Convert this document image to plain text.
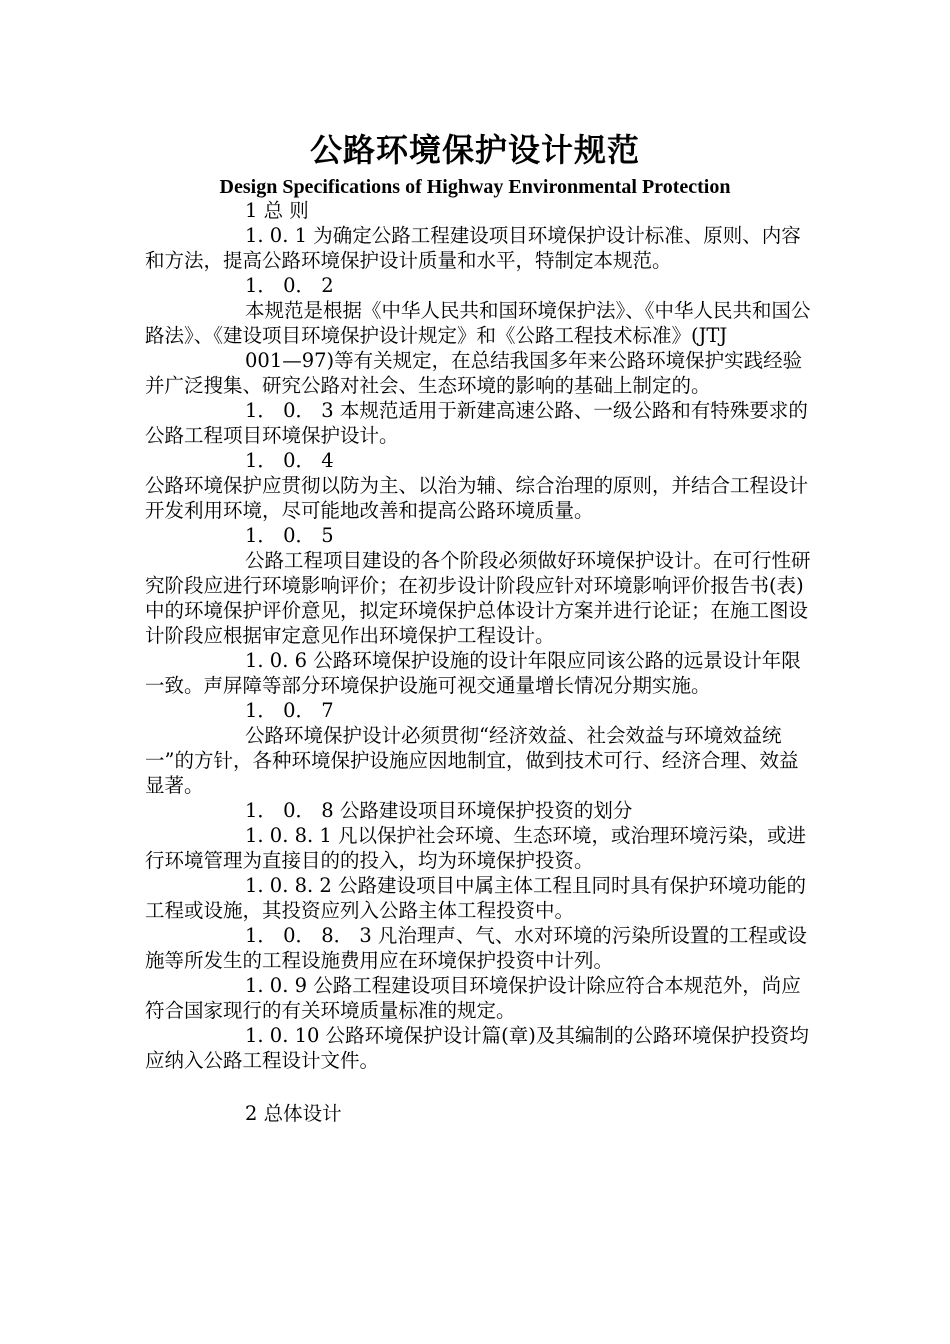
公路环境保护设计规范
Design Specifications of Highway Environmental Protection

1 总 则

1. 0. 1 为确定公路工程建设项目环境保护设计标准、原则、内容和方法，提高公路环境保护设计质量和水平，特制定本规范。

1． 0． 2

本规范是根据《中华人民共和国环境保护法》、《中华人民共和国公路法》、《建设项目环境保护设计规定》和《公路工程技术标准》(JTJ

001—97)等有关规定，在总结我国多年来公路环境保护实践经验并广泛搜集、研究公路对社会、生态环境的影响的基础上制定的。

1． 0． 3 本规范适用于新建高速公路、一级公路和有特殊要求的公路工程项目环境保护设计。

1． 0． 4

公路环境保护应贯彻以防为主、以治为辅、综合治理的原则，并结合工程设计开发利用环境，尽可能地改善和提高公路环境质量。

1． 0． 5

公路工程项目建设的各个阶段必须做好环境保护设计。在可行性研究阶段应进行环境影响评价；在初步设计阶段应针对环境影响评价报告书(表)中的环境保护评价意见，拟定环境保护总体设计方案并进行论证；在施工图设计阶段应根据审定意见作出环境保护工程设计。

1. 0. 6 公路环境保护设施的设计年限应同该公路的远景设计年限一致。声屏障等部分环境保护设施可视交通量增长情况分期实施。

1． 0． 7

公路环境保护设计必须贯彻“经济效益、社会效益与环境效益统一”的方针，各种环境保护设施应因地制宜，做到技术可行、经济合理、效益显著。

1． 0． 8 公路建设项目环境保护投资的划分

1. 0. 8. 1 凡以保护社会环境、生态环境，或治理环境污染，或进行环境管理为直接目的的投入，均为环境保护投资。

1. 0. 8. 2 公路建设项目中属主体工程且同时具有保护环境功能的工程或设施，其投资应列入公路主体工程投资中。

1． 0． 8． 3 凡治理声、气、水对环境的污染所设置的工程或设施等所发生的工程设施费用应在环境保护投资中计列。

1. 0. 9 公路工程建设项目环境保护设计除应符合本规范外，尚应符合国家现行的有关环境质量标准的规定。

1. 0. 10 公路环境保护设计篇(章)及其编制的公路环境保护投资均应纳入公路工程设计文件。

2 总体设计
